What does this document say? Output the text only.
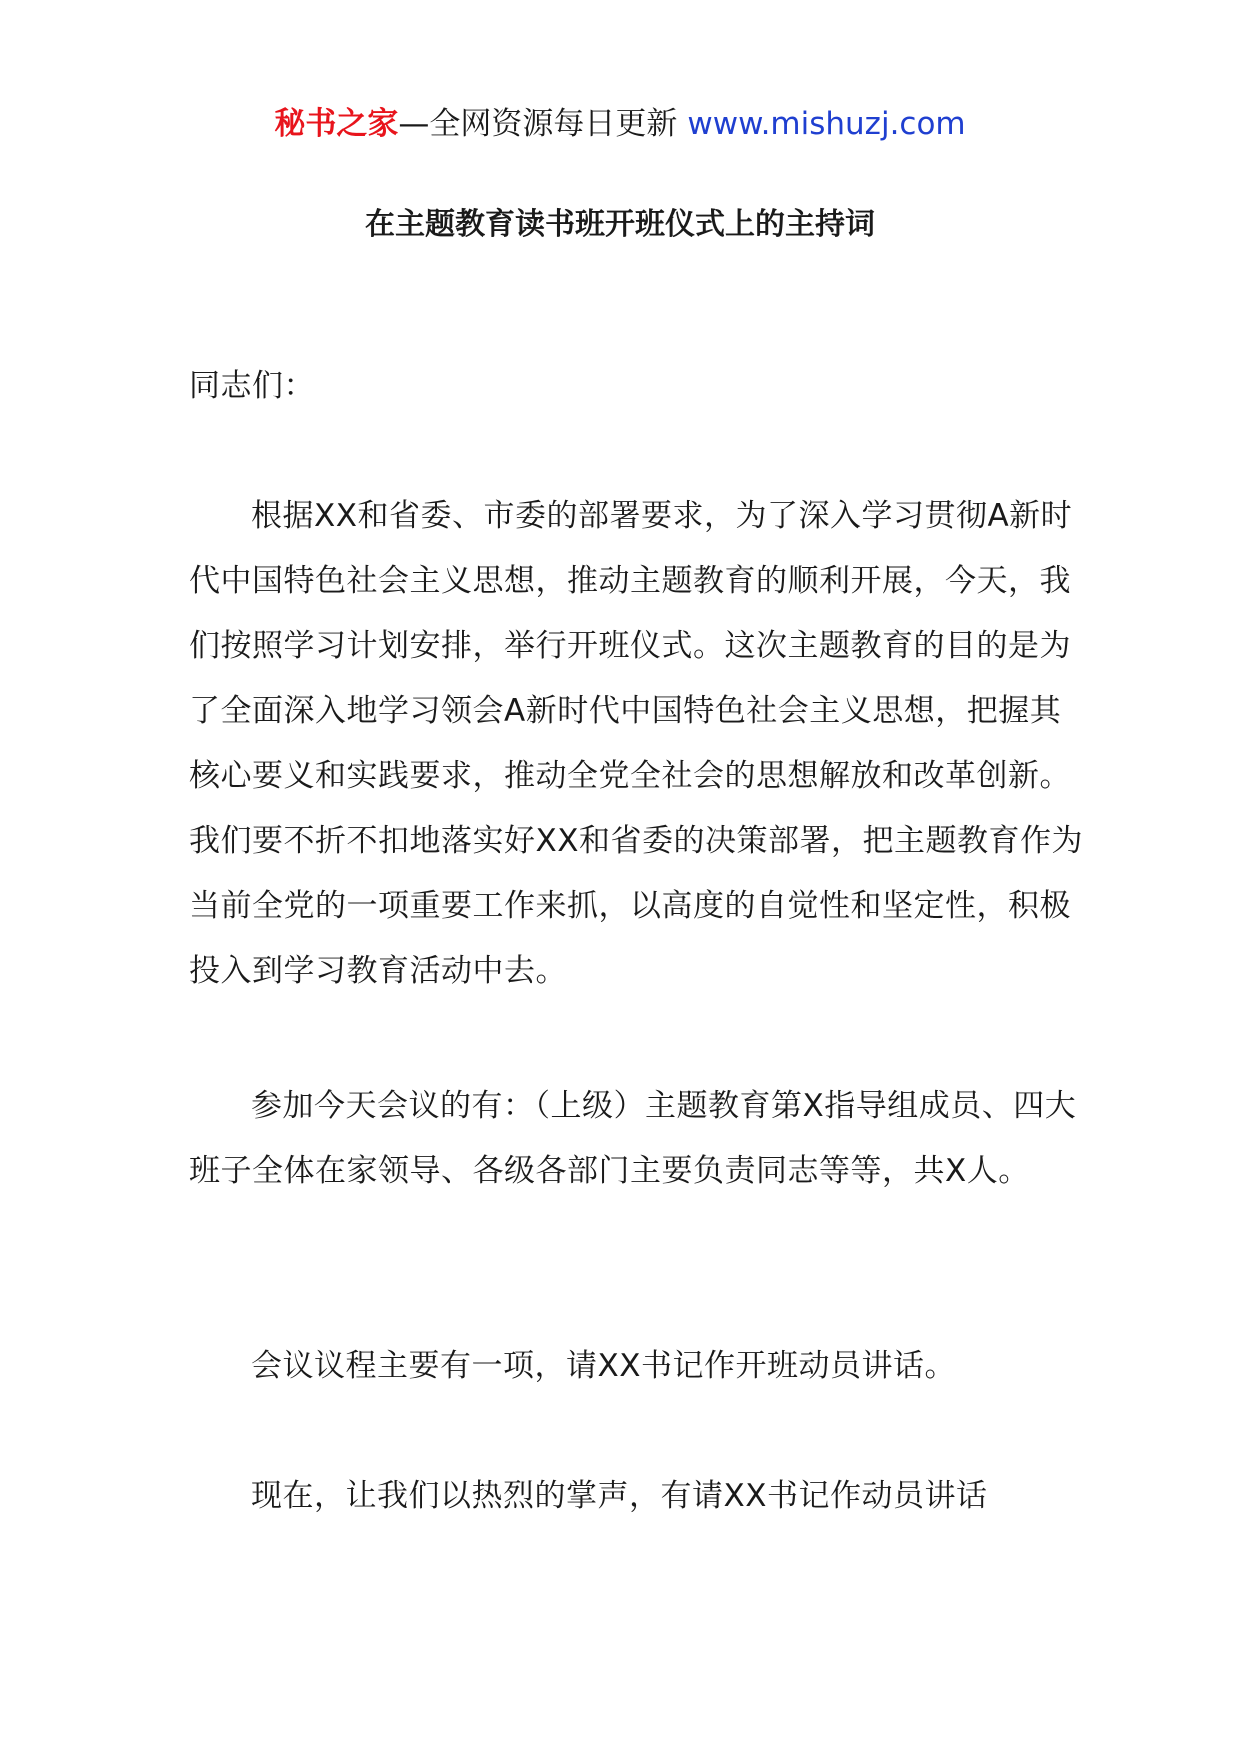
秘书之家—全网资源每日更新 www.mishuzj.com
在主题教育读书班开班仪式上的主持词

同志们：

根据XX和省委、市委的部署要求，为了深入学习贯彻A新时代中国特色社会主义思想，推动主题教育的顺利开展，今天，我们按照学习计划安排，举行开班仪式。这次主题教育的目的是为了全面深入地学习领会A新时代中国特色社会主义思想，把握其核心要义和实践要求，推动全党全社会的思想解放和改革创新。我们要不折不扣地落实好XX和省委的决策部署，把主题教育作为当前全党的一项重要工作来抓，以高度的自觉性和坚定性，积极投入到学习教育活动中去。

参加今天会议的有：（上级）主题教育第X指导组成员、四大班子全体在家领导、各级各部门主要负责同志等等，共X人。

会议议程主要有一项，请XX书记作开班动员讲话。

现在，让我们以热烈的掌声，有请XX书记作动员讲话
